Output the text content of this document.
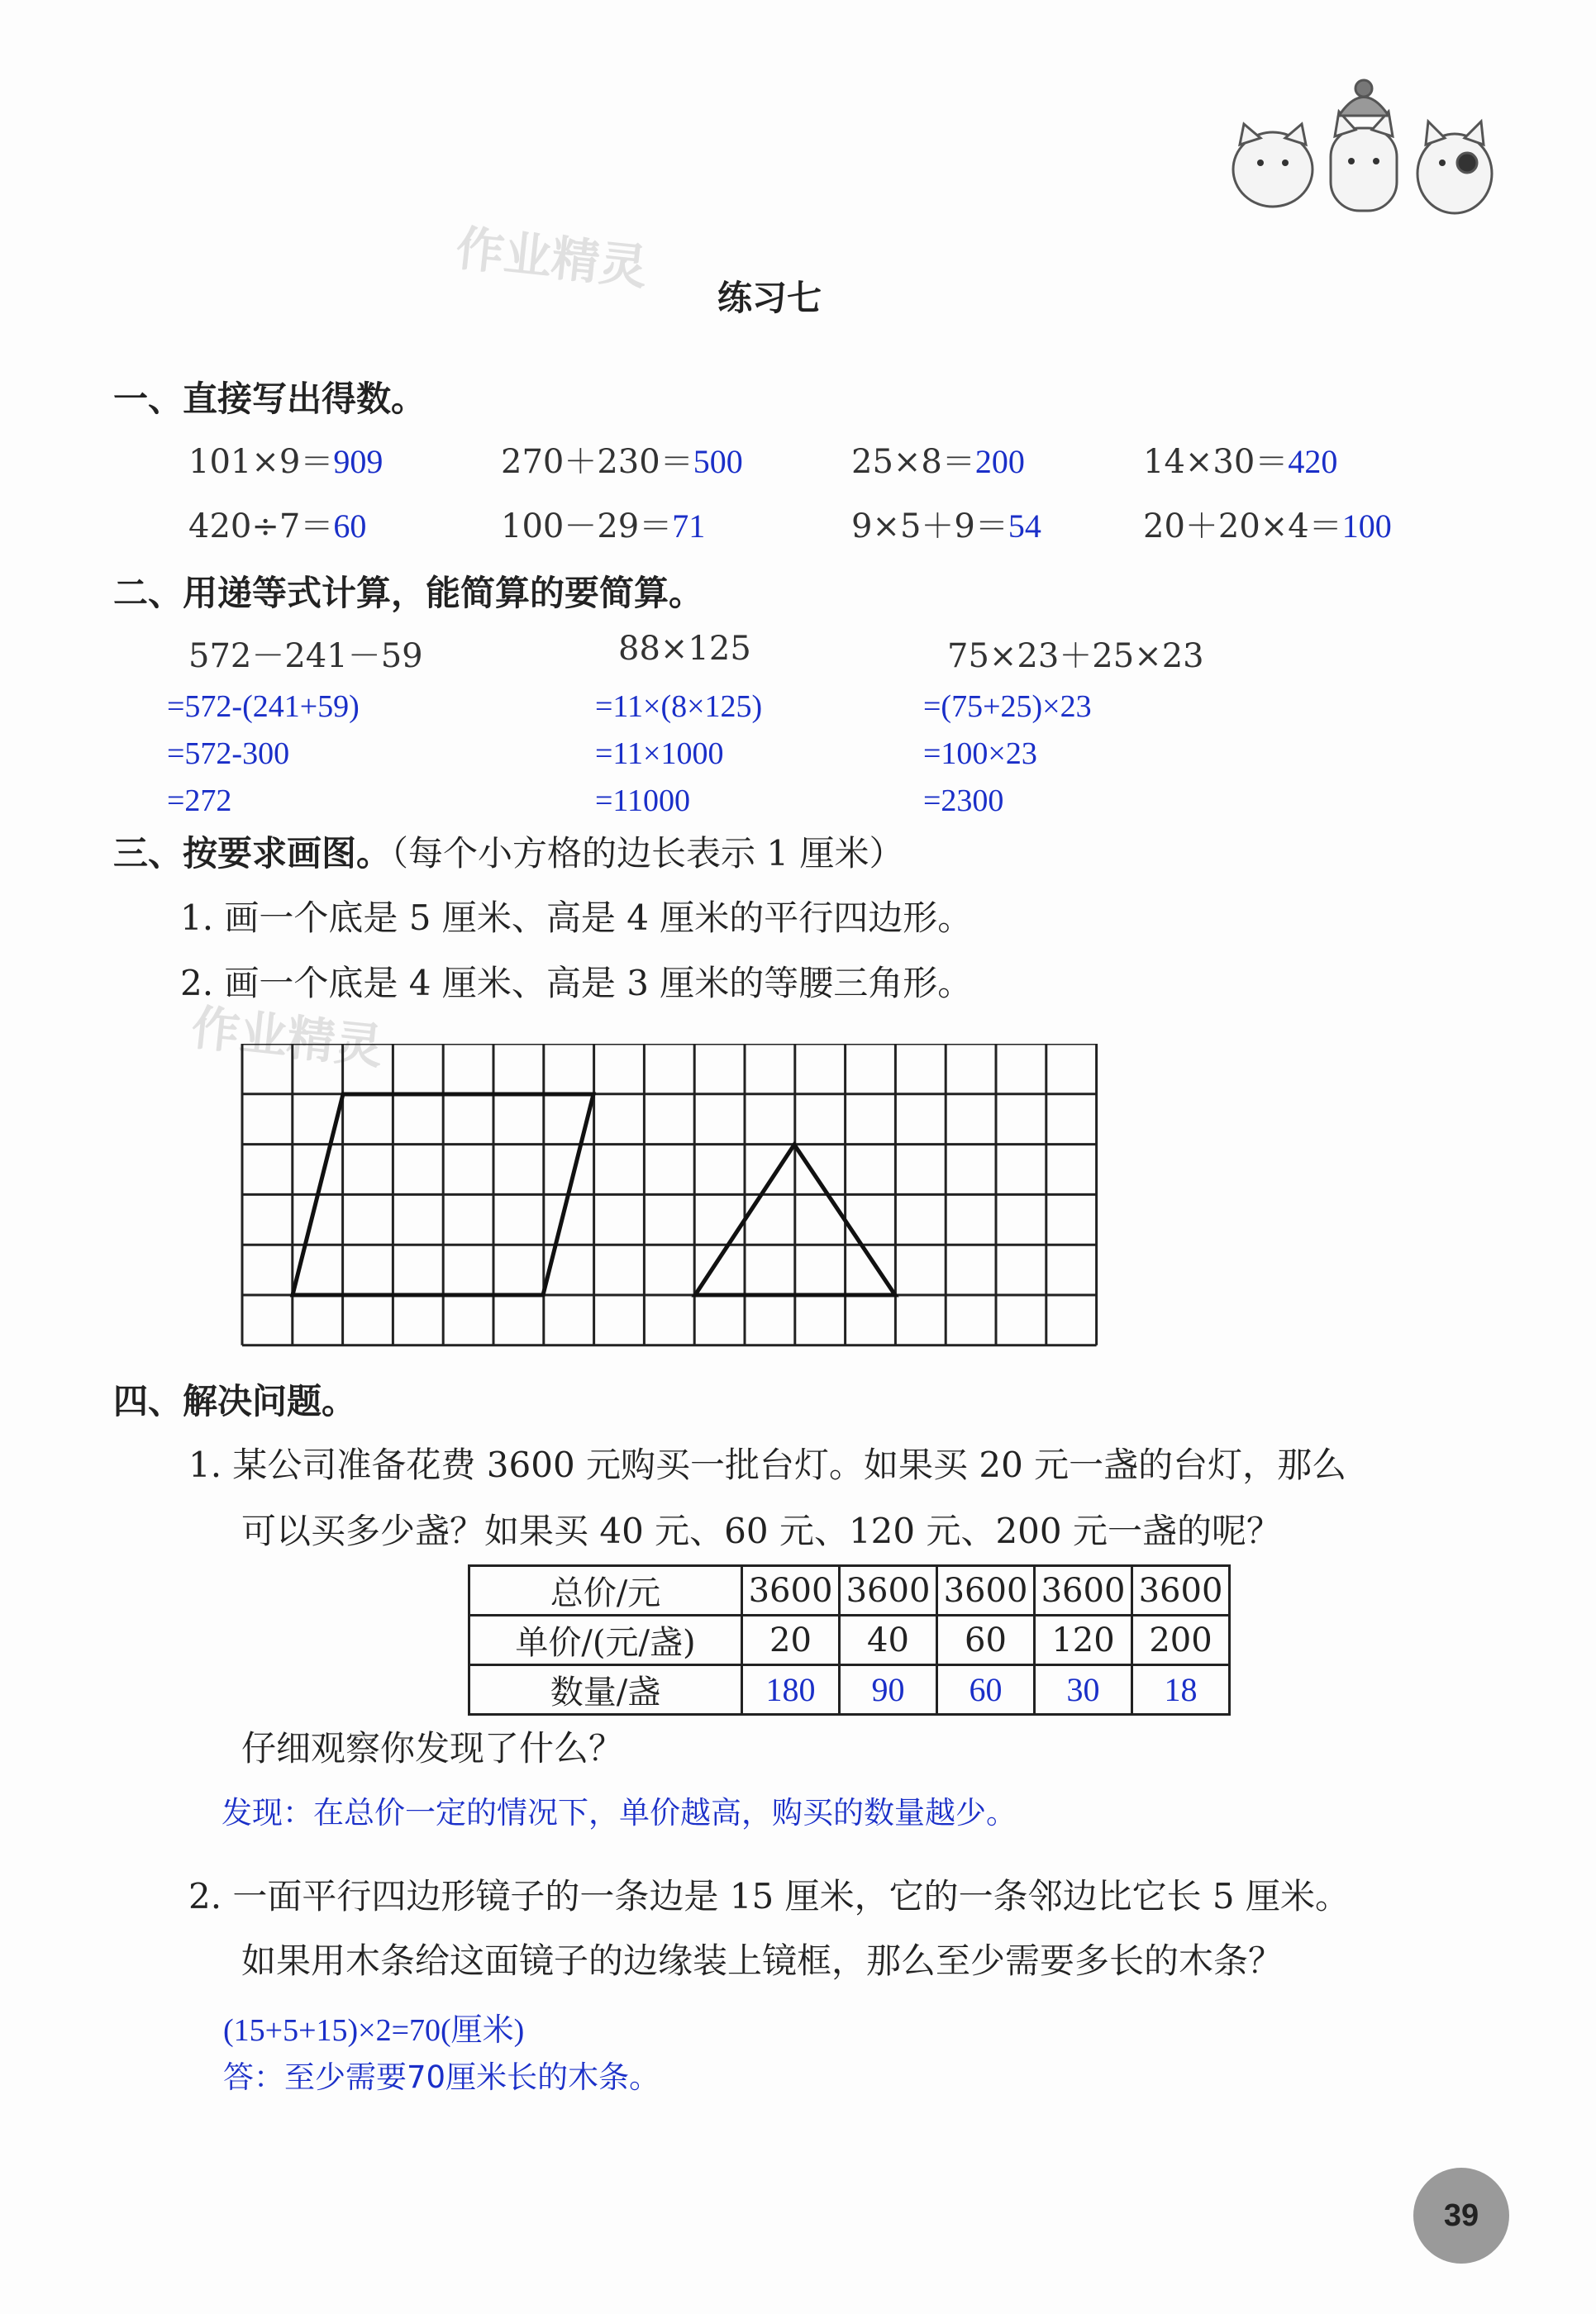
作业精灵
作业精灵
练习七
一、直接写出得数。
101×9＝909	270＋230＝500	25×8＝200	14×30＝420
420÷7＝60	100－29＝71	9×5＋9＝54	20＋20×4＝100
二、用递等式计算，能简算的要简算。
572－241－59
=572-(241+59)
=572-300
=272
88×125
=11×(8×125)
=11×1000
=11000
75×23＋25×23
=(75+25)×23
=100×23
=2300
三、按要求画图。（每个小方格的边长表示 1 厘米）
1. 画一个底是 5 厘米、高是 4 厘米的平行四边形。
2. 画一个底是 4 厘米、高是 3 厘米的等腰三角形。
四、解决问题。
1. 某公司准备花费 3600 元购买一批台灯。如果买 20 元一盏的台灯，那么
可以买多少盏？如果买 40 元、60 元、120 元、200 元一盏的呢？
总价/元	3600	3600	3600	3600	3600
单价/(元/盏)	20	40	60	120	200
数量/盏	180	90	60	30	18
仔细观察你发现了什么？
发现：在总价一定的情况下，单价越高，购买的数量越少。
2. 一面平行四边形镜子的一条边是 15 厘米，它的一条邻边比它长 5 厘米。
如果用木条给这面镜子的边缘装上镜框，那么至少需要多长的木条？
(15+5+15)×2=70(厘米)
答：至少需要70厘米长的木条。
39
